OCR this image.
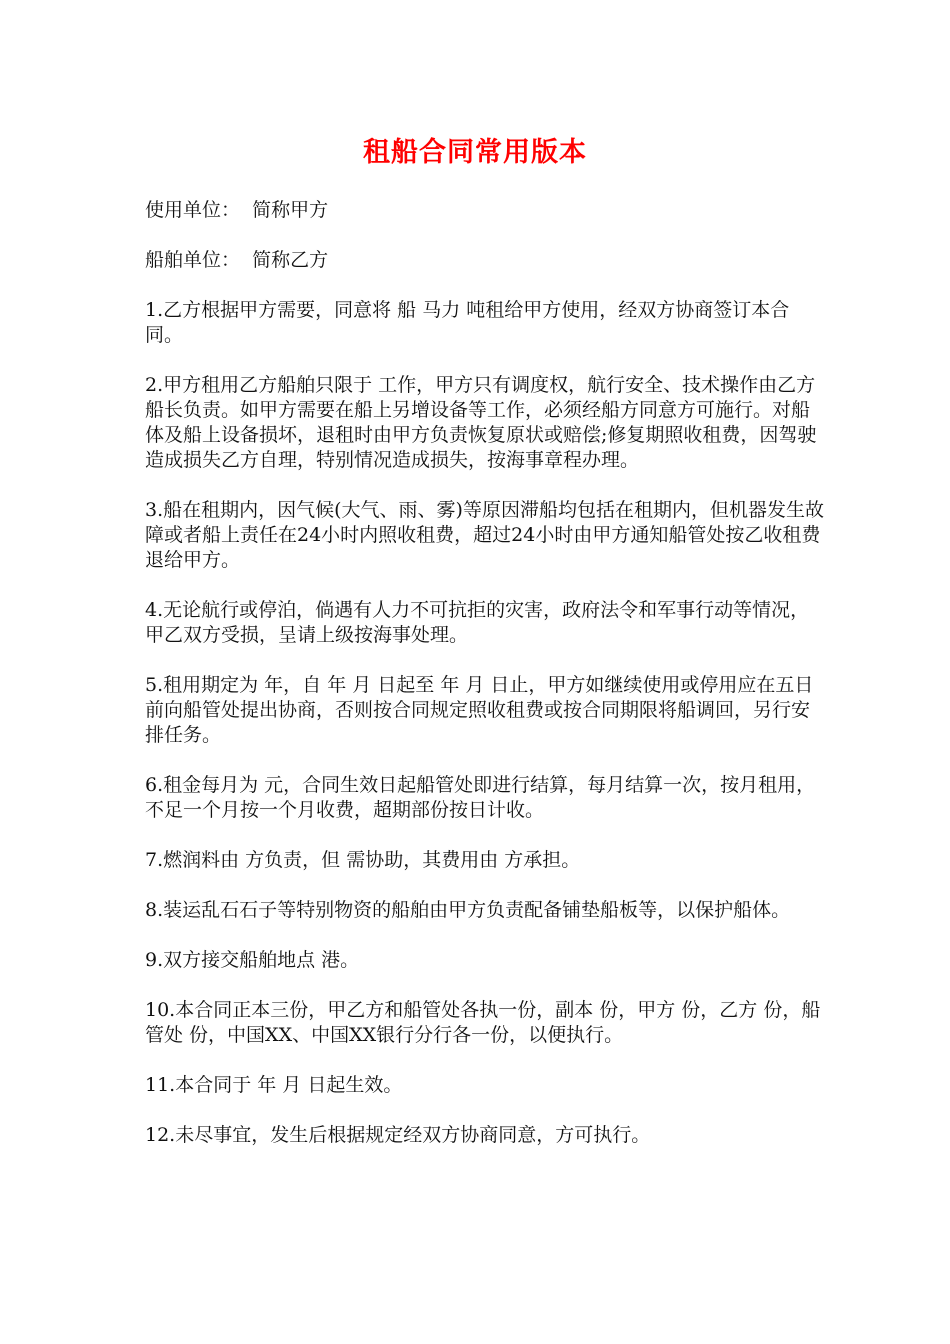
租船合同常用版本

使用单位：  简称甲方

船舶单位：  简称乙方

1.乙方根据甲方需要，同意将 船 马力 吨租给甲方使用，经双方协商签订本合同。

2.甲方租用乙方船舶只限于 工作，甲方只有调度权，航行安全、技术操作由乙方船长负责。如甲方需要在船上另增设备等工作，必须经船方同意方可施行。对船体及船上设备损坏，退租时由甲方负责恢复原状或赔偿;修复期照收租费，因驾驶造成损失乙方自理，特别情况造成损失，按海事章程办理。

3.船在租期内，因气候(大气、雨、雾)等原因滞船均包括在租期内，但机器发生故障或者船上责任在24小时内照收租费，超过24小时由甲方通知船管处按乙收租费退给甲方。

4.无论航行或停泊，倘遇有人力不可抗拒的灾害，政府法令和军事行动等情况，甲乙双方受损，呈请上级按海事处理。

5.租用期定为 年，自 年 月 日起至 年 月 日止，甲方如继续使用或停用应在五日前向船管处提出协商，否则按合同规定照收租费或按合同期限将船调回，另行安排任务。

6.租金每月为 元，合同生效日起船管处即进行结算，每月结算一次，按月租用，不足一个月按一个月收费，超期部份按日计收。

7.燃润料由 方负责，但 需协助，其费用由 方承担。

8.装运乱石石子等特别物资的船舶由甲方负责配备铺垫船板等，以保护船体。

9.双方接交船舶地点 港。

10.本合同正本三份，甲乙方和船管处各执一份，副本 份，甲方 份，乙方 份，船管处 份，中国XX、中国XX银行分行各一份，以便执行。

11.本合同于 年 月 日起生效。

12.未尽事宜，发生后根据规定经双方协商同意，方可执行。
